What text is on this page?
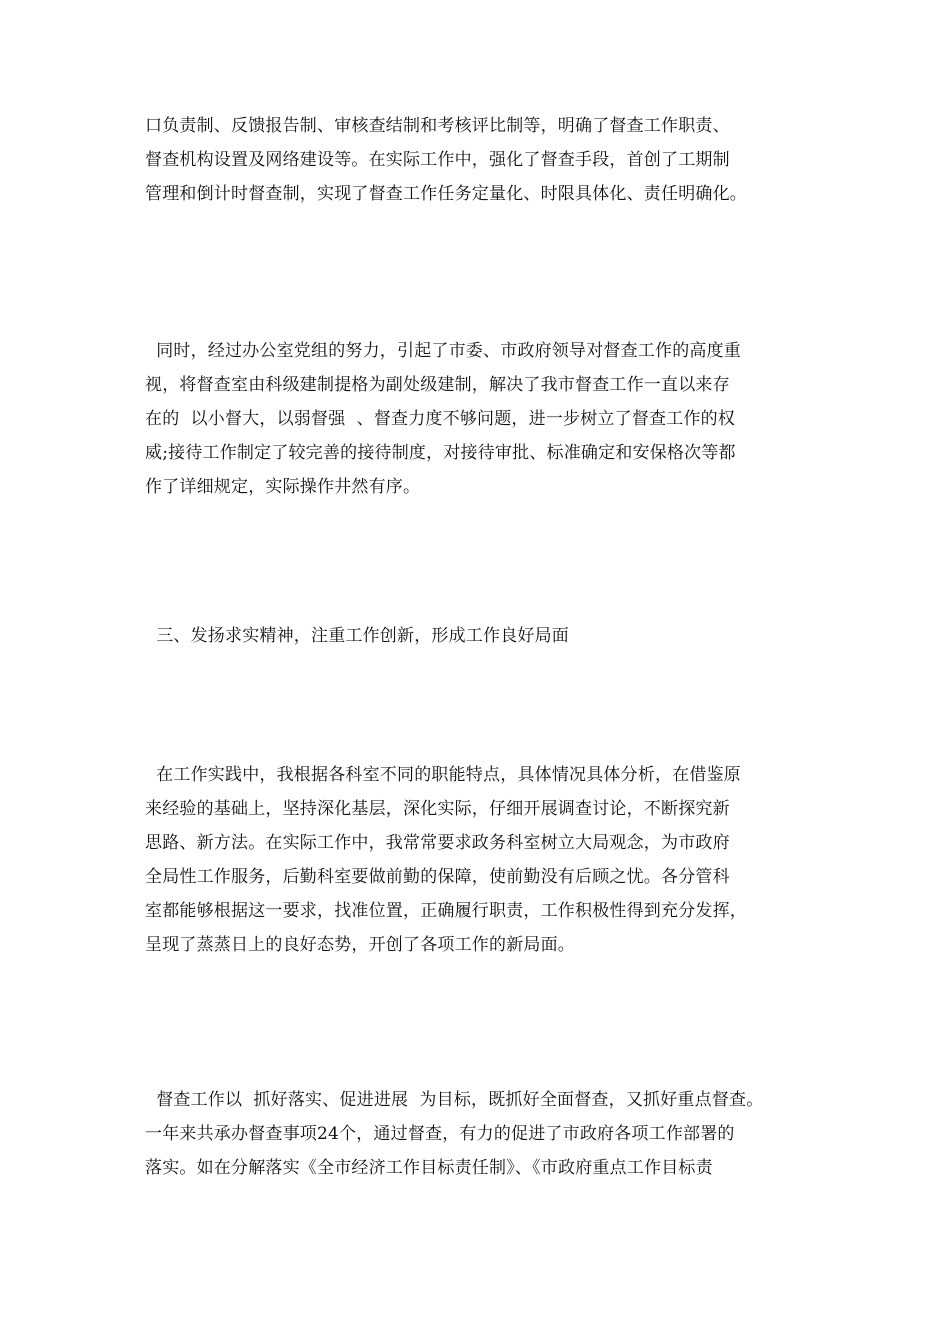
口负责制、反馈报告制、审核查结制和考核评比制等，明确了督查工作职责、
督查机构设置及网络建设等。在实际工作中，强化了督查手段，首创了工期制
管理和倒计时督查制，实现了督查工作任务定量化、时限具体化、责任明确化。
同时，经过办公室党组的努力，引起了市委、市政府领导对督查工作的高度重
视，将督查室由科级建制提格为副处级建制，解决了我市督查工作一直以来存
在的  以小督大，以弱督强  、督查力度不够问题，进一步树立了督查工作的权
威;接待工作制定了较完善的接待制度，对接待审批、标准确定和安保格次等都
作了详细规定，实际操作井然有序。
三、发扬求实精神，注重工作创新，形成工作良好局面
在工作实践中，我根据各科室不同的职能特点，具体情况具体分析，在借鉴原
来经验的基础上，坚持深化基层，深化实际，仔细开展调查讨论，不断探究新
思路、新方法。在实际工作中，我常常要求政务科室树立大局观念，为市政府
全局性工作服务，后勤科室要做前勤的保障，使前勤没有后顾之忧。各分管科
室都能够根据这一要求，找准位置，正确履行职责，工作积极性得到充分发挥，
呈现了蒸蒸日上的良好态势，开创了各项工作的新局面。
督查工作以  抓好落实、促进进展  为目标，既抓好全面督查，又抓好重点督查。
一年来共承办督查事项24个，通过督查，有力的促进了市政府各项工作部署的
落实。如在分解落实《全市经济工作目标责任制》、《市政府重点工作目标责
